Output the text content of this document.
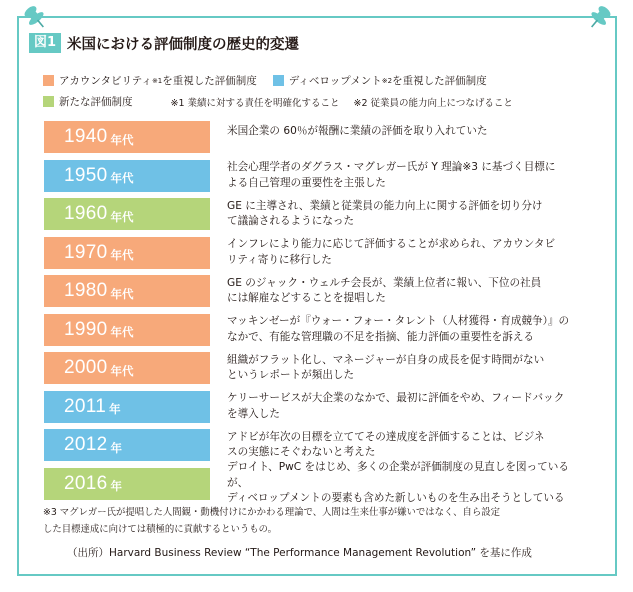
図1 米国における評価制度の歴史的変遷
アカウンタビリティ ※1 を重視した評価制度	ディベロップメント ※2 を重視した評価制度
新たな評価制度	※1 業績に対する責任を明確化すること ※2 従業員の能力向上につなげること
1940 年代
米国企業の 60％が報酬に業績の評価を取り入れていた
1950 年代
社会心理学者のダグラス・マグレガー氏が Y 理論※3 に基づく目標に
よる自己管理の重要性を主張した
1960 年代
GE に主導され、業績と従業員の能力向上に関する評価を切り分け
て議論されるようになった
1970 年代
インフレにより能力に応じて評価することが求められ、アカウンタビ
リティ寄りに移行した
1980 年代
GE のジャック・ウェルチ会長が、業績上位者に報い、下位の社員
には解雇などすることを提唱した
1990 年代
マッキンゼーが『ウォー・フォー・タレント（人材獲得・育成競争）』の
なかで、有能な管理職の不足を指摘、能力評価の重要性を訴える
2000 年代
組織がフラット化し、マネージャーが自身の成長を促す時間がない
というレポートが頻出した
2011 年
ケリーサービスが大企業のなかで、最初に評価をやめ、フィードバック
を導入した
2012 年
アドビが年次の目標を立ててその達成度を評価することは、ビジネ
スの実態にそぐわないと考えた
2016 年
デロイト、PwC をはじめ、多くの企業が評価制度の見直しを図っているが、
ディベロップメントの要素も含めた新しいものを生み出そうとしている
※3 マグレガー氏が提唱した人間観・動機付けにかかわる理論で、人間は生来仕事が嫌いではなく、自ら設定
した目標達成に向けては積極的に貢献するというもの。
（出所）Harvard Business Review “The Performance Management Revolution” を基に作成
